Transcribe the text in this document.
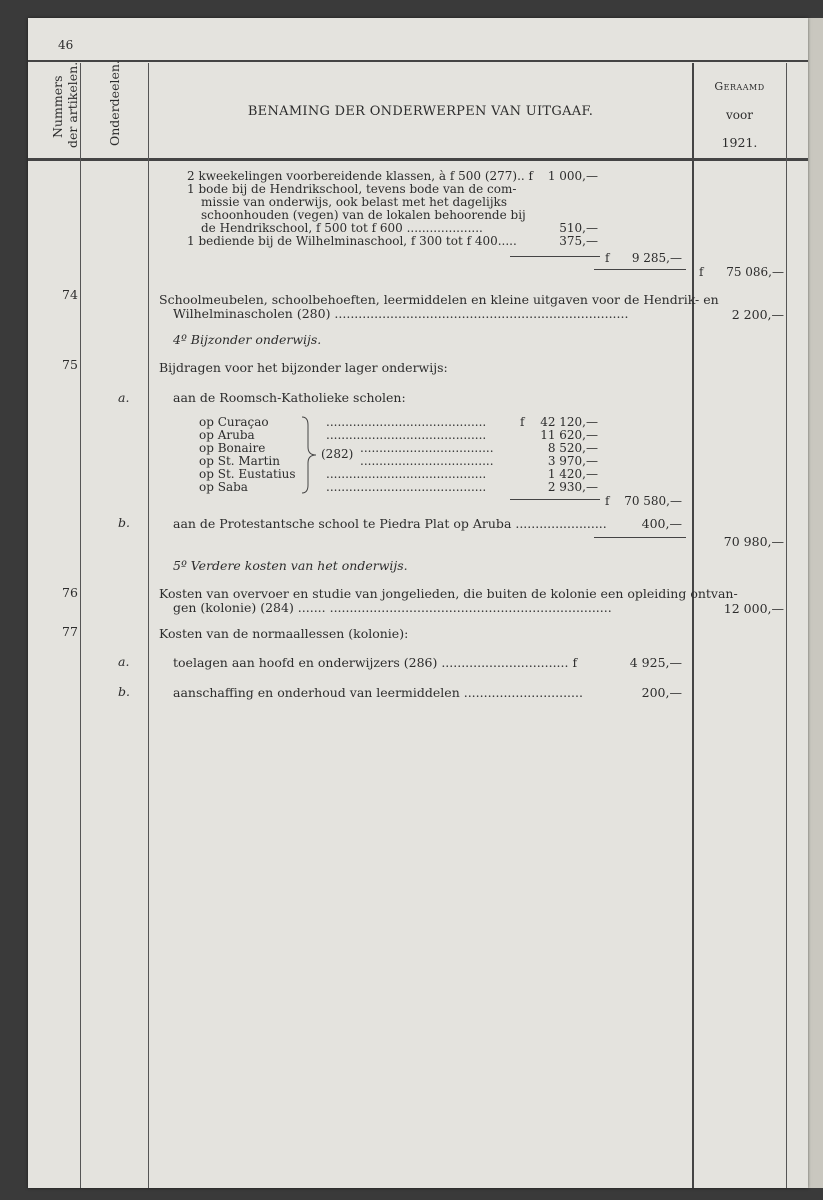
46
Nummers der artikelen. Onderdeelen.	BENAMING DER ONDERWERPEN VAN UITGAAF.
Geraamd
voor
1921.
2 kweekelingen voorbereidende klassen, à f 500 (277).. f	1 000,—
1 bode bij de Hendrikschool, tevens bode van de com-
missie van onderwijs, ook belast met het dagelijks
schoonhouden (vegen) van de lokalen behoorende bij
de Hendrikschool, f 500 tot f 600 ....................	510,—
1 bediende bij de Wilhelminaschool, f 300 tot f 400.....	375,—
f	9 285,—
f	75 086,—
74	Schoolmeubelen, schoolbehoeften, leermiddelen en kleine uitgaven voor de Hendrik- en
Wilhelminascholen (280) ..........................................................................	2 200,—
4º Bijzonder onderwijs.
75	Bijdragen voor het bijzonder lager onderwijs:
a.	aan de Roomsch-Katholieke scholen:
op Curaçao	..........................................	f	42 120,—
op Aruba	..........................................	11 620,—
op Bonaire	...................................	8 520,—
op St. Martin	...................................	3 970,—
op St. Eustatius	..........................................	1 420,—
op Saba	..........................................	2 930,—
(282)
f	70 580,—
b.	aan de Protestantsche school te Piedra Plat op Aruba .......................	400,—
70 980,—
5º Verdere kosten van het onderwijs.
76	Kosten van overvoer en studie van jongelieden, die buiten de kolonie een opleiding ontvan-
gen (kolonie) (284) ....... .......................................................................	12 000,—
77	Kosten van de normaallessen (kolonie):
a.	toelagen aan hoofd en onderwijzers (286) ................................ f	4 925,—
b.	aanschaffing en onderhoud van leermiddelen ..............................	200,—
